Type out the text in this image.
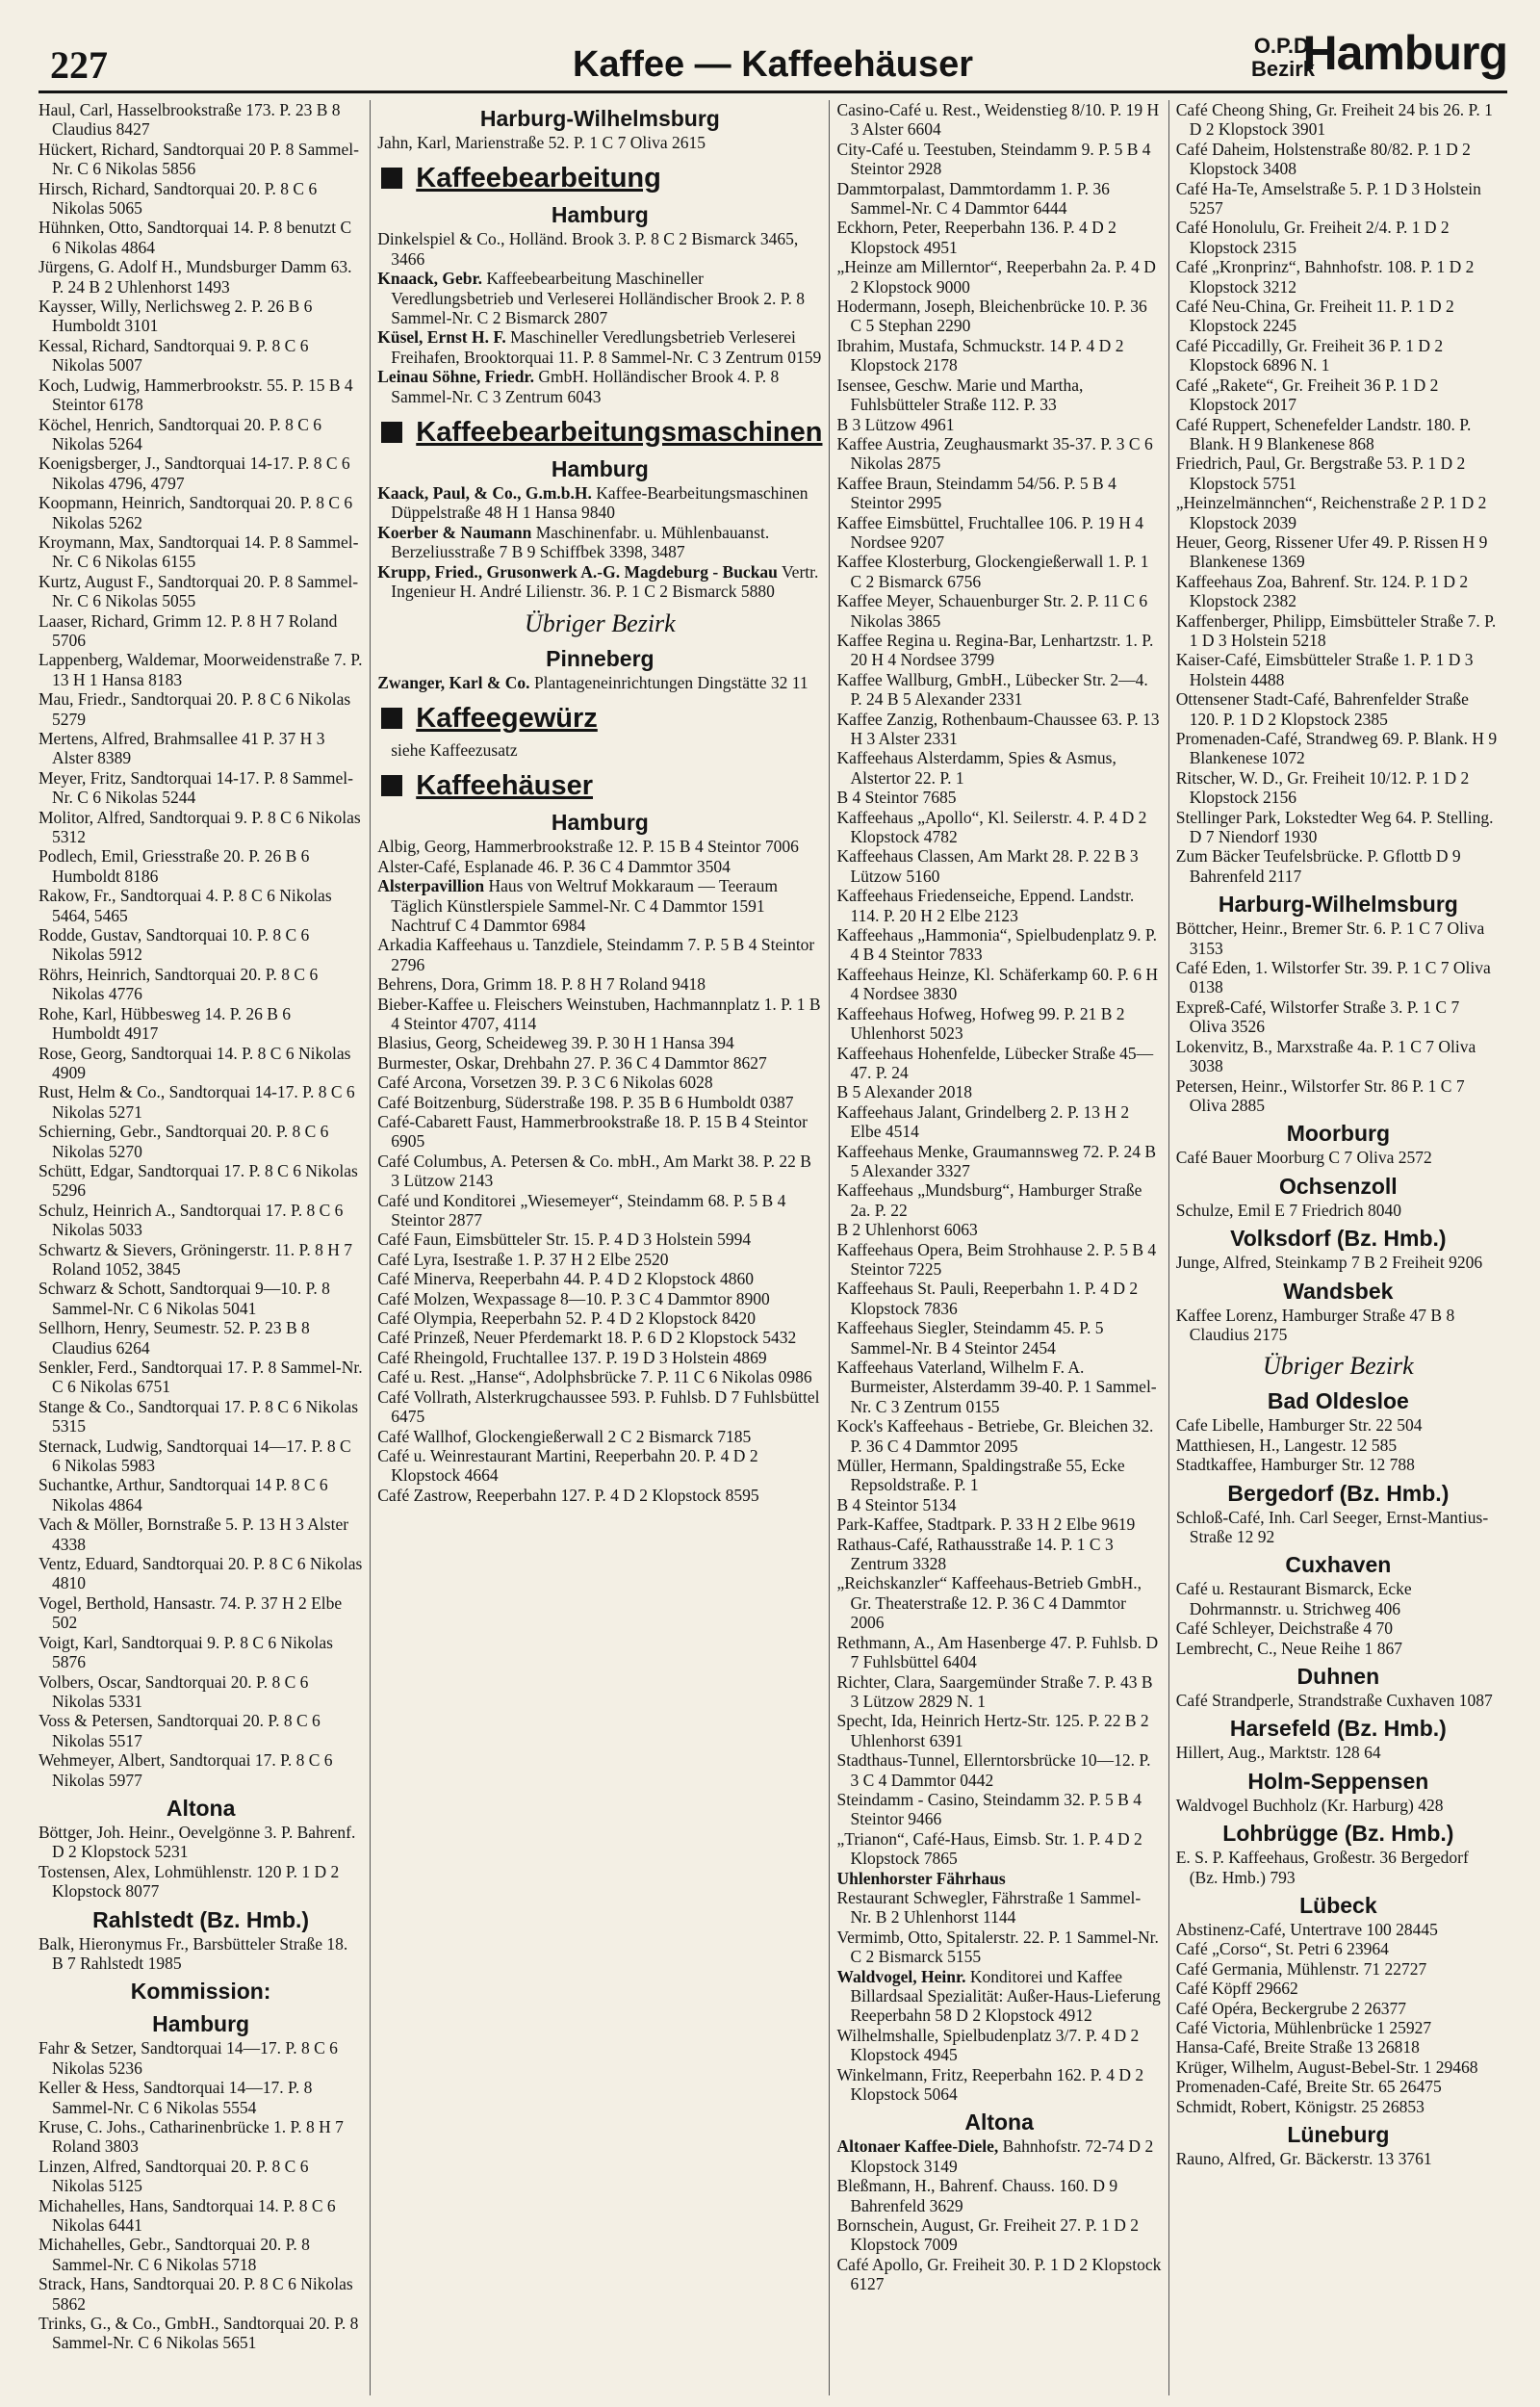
227	Kaffee — Kaffeehäuser	O.P.D.
Bezirk
Hamburg
Haul, Carl, Hasselbrookstraße 173. P. 23 B 8 Claudius 8427
Hückert, Richard, Sandtorquai 20 P. 8 Sammel-Nr. C 6 Nikolas 5856
Hirsch, Richard, Sandtorquai 20. P. 8 C 6 Nikolas 5065
Hühnken, Otto, Sandtorquai 14. P. 8 benutzt C 6 Nikolas 4864
Jürgens, G. Adolf H., Mundsburger Damm 63. P. 24 B 2 Uhlenhorst 1493
Kaysser, Willy, Nerlichsweg 2. P. 26 B 6 Humboldt 3101
Kessal, Richard, Sandtorquai 9. P. 8 C 6 Nikolas 5007
Koch, Ludwig, Hammerbrookstr. 55. P. 15 B 4 Steintor 6178
Köchel, Henrich, Sandtorquai 20. P. 8 C 6 Nikolas 5264
Koenigsberger, J., Sandtorquai 14-17. P. 8 C 6 Nikolas 4796, 4797
Koopmann, Heinrich, Sandtorquai 20. P. 8 C 6 Nikolas 5262
Kroymann, Max, Sandtorquai 14. P. 8 Sammel-Nr. C 6 Nikolas 6155
Kurtz, August F., Sandtorquai 20. P. 8 Sammel-Nr. C 6 Nikolas 5055
Laaser, Richard, Grimm 12. P. 8 H 7 Roland 5706
Lappenberg, Waldemar, Moorweidenstraße 7. P. 13 H 1 Hansa 8183
Mau, Friedr., Sandtorquai 20. P. 8 C 6 Nikolas 5279
Mertens, Alfred, Brahmsallee 41 P. 37 H 3 Alster 8389
Meyer, Fritz, Sandtorquai 14-17. P. 8 Sammel-Nr. C 6 Nikolas 5244
Molitor, Alfred, Sandtorquai 9. P. 8 C 6 Nikolas 5312
Podlech, Emil, Griesstraße 20. P. 26 B 6 Humboldt 8186
Rakow, Fr., Sandtorquai 4. P. 8 C 6 Nikolas 5464, 5465
Rodde, Gustav, Sandtorquai 10. P. 8 C 6 Nikolas 5912
Röhrs, Heinrich, Sandtorquai 20. P. 8 C 6 Nikolas 4776
Rohe, Karl, Hübbesweg 14. P. 26 B 6 Humboldt 4917
Rose, Georg, Sandtorquai 14. P. 8 C 6 Nikolas 4909
Rust, Helm & Co., Sandtorquai 14-17. P. 8 C 6 Nikolas 5271
Schierning, Gebr., Sandtorquai 20. P. 8 C 6 Nikolas 5270
Schütt, Edgar, Sandtorquai 17. P. 8 C 6 Nikolas 5296
Schulz, Heinrich A., Sandtorquai 17. P. 8 C 6 Nikolas 5033
Schwartz & Sievers, Gröningerstr. 11. P. 8 H 7 Roland 1052, 3845
Schwarz & Schott, Sandtorquai 9—10. P. 8 Sammel-Nr. C 6 Nikolas 5041
Sellhorn, Henry, Seumestr. 52. P. 23 B 8 Claudius 6264
Senkler, Ferd., Sandtorquai 17. P. 8 Sammel-Nr. C 6 Nikolas 6751
Stange & Co., Sandtorquai 17. P. 8 C 6 Nikolas 5315
Sternack, Ludwig, Sandtorquai 14—17. P. 8 C 6 Nikolas 5983
Suchantke, Arthur, Sandtorquai 14 P. 8 C 6 Nikolas 4864
Vach & Möller, Bornstraße 5. P. 13 H 3 Alster 4338
Ventz, Eduard, Sandtorquai 20. P. 8 C 6 Nikolas 4810
Vogel, Berthold, Hansastr. 74. P. 37 H 2 Elbe 502
Voigt, Karl, Sandtorquai 9. P. 8 C 6 Nikolas 5876
Volbers, Oscar, Sandtorquai 20. P. 8 C 6 Nikolas 5331
Voss & Petersen, Sandtorquai 20. P. 8 C 6 Nikolas 5517
Wehmeyer, Albert, Sandtorquai 17. P. 8 C 6 Nikolas 5977
Altona
Böttger, Joh. Heinr., Oevelgönne 3. P. Bahrenf. D 2 Klopstock 5231
Tostensen, Alex, Lohmühlenstr. 120 P. 1 D 2 Klopstock 8077
Rahlstedt (Bz. Hmb.)
Balk, Hieronymus Fr., Barsbütteler Straße 18. B 7 Rahlstedt 1985
Kommission:
Hamburg
Fahr & Setzer, Sandtorquai 14—17. P. 8 C 6 Nikolas 5236
Keller & Hess, Sandtorquai 14—17. P. 8 Sammel-Nr. C 6 Nikolas 5554
Kruse, C. Johs., Catharinenbrücke 1. P. 8 H 7 Roland 3803
Linzen, Alfred, Sandtorquai 20. P. 8 C 6 Nikolas 5125
Michahelles, Hans, Sandtorquai 14. P. 8 C 6 Nikolas 6441
Michahelles, Gebr., Sandtorquai 20. P. 8 Sammel-Nr. C 6 Nikolas 5718
Strack, Hans, Sandtorquai 20. P. 8 C 6 Nikolas 5862
Trinks, G., & Co., GmbH., Sandtorquai 20. P. 8 Sammel-Nr. C 6 Nikolas 5651
Harburg-Wilhelmsburg
Jahn, Karl, Marienstraße 52. P. 1 C 7 Oliva 2615
Kaffeebearbeitung
Hamburg
Dinkelspiel & Co., Holländ. Brook 3. P. 8 C 2 Bismarck 3465, 3466
Knaack, Gebr. Kaffeebearbeitung Maschineller Veredlungsbetrieb und Verleserei Holländischer Brook 2. P. 8 Sammel-Nr. C 2 Bismarck 2807
Küsel, Ernst H. F. Maschineller Veredlungsbetrieb Verleserei Freihafen, Brooktorquai 11. P. 8 Sammel-Nr. C 3 Zentrum 0159
Leinau Söhne, Friedr. GmbH. Holländischer Brook 4. P. 8 Sammel-Nr. C 3 Zentrum 6043
Kaffeebearbeitungsmaschinen
Hamburg
Kaack, Paul, & Co., G.m.b.H. Kaffee-Bearbeitungsmaschinen Düppelstraße 48 H 1 Hansa 9840
Koerber & Naumann Maschinenfabr. u. Mühlenbauanst. Berzeliusstraße 7 B 9 Schiffbek 3398, 3487
Krupp, Fried., Grusonwerk A.-G. Magdeburg - Buckau Vertr. Ingenieur H. André Lilienstr. 36. P. 1 C 2 Bismarck 5880
Übriger Bezirk
Pinneberg
Zwanger, Karl & Co. Plantageneinrichtungen Dingstätte 32 11
Kaffeegewürz
siehe Kaffeezusatz
Kaffeehäuser
Hamburg
Albig, Georg, Hammerbrookstraße 12. P. 15 B 4 Steintor 7006
Alster-Café, Esplanade 46. P. 36 C 4 Dammtor 3504
Alsterpavillion Haus von Weltruf Mokkaraum — Teeraum Täglich Künstlerspiele Sammel-Nr. C 4 Dammtor 1591 Nachtruf C 4 Dammtor 6984
Arkadia Kaffeehaus u. Tanzdiele, Steindamm 7. P. 5 B 4 Steintor 2796
Behrens, Dora, Grimm 18. P. 8 H 7 Roland 9418
Bieber-Kaffee u. Fleischers Weinstuben, Hachmannplatz 1. P. 1 B 4 Steintor 4707, 4114
Blasius, Georg, Scheideweg 39. P. 30 H 1 Hansa 394
Burmester, Oskar, Drehbahn 27. P. 36 C 4 Dammtor 8627
Café Arcona, Vorsetzen 39. P. 3 C 6 Nikolas 6028
Café Boitzenburg, Süderstraße 198. P. 35 B 6 Humboldt 0387
Café-Cabarett Faust, Hammerbrookstraße 18. P. 15 B 4 Steintor 6905
Café Columbus, A. Petersen & Co. mbH., Am Markt 38. P. 22 B 3 Lützow 2143
Café und Konditorei „Wiesemeyer“, Steindamm 68. P. 5 B 4 Steintor 2877
Café Faun, Eimsbütteler Str. 15. P. 4 D 3 Holstein 5994
Café Lyra, Isestraße 1. P. 37 H 2 Elbe 2520
Café Minerva, Reeperbahn 44. P. 4 D 2 Klopstock 4860
Café Molzen, Wexpassage 8—10. P. 3 C 4 Dammtor 8900
Café Olympia, Reeperbahn 52. P. 4 D 2 Klopstock 8420
Café Prinzeß, Neuer Pferdemarkt 18. P. 6 D 2 Klopstock 5432
Café Rheingold, Fruchtallee 137. P. 19 D 3 Holstein 4869
Café u. Rest. „Hanse“, Adolphsbrücke 7. P. 11 C 6 Nikolas 0986
Café Vollrath, Alsterkrugchaussee 593. P. Fuhlsb. D 7 Fuhlsbüttel 6475
Café Wallhof, Glockengießerwall 2 C 2 Bismarck 7185
Café u. Weinrestaurant Martini, Reeperbahn 20. P. 4 D 2 Klopstock 4664
Café Zastrow, Reeperbahn 127. P. 4 D 2 Klopstock 8595
Casino-Café u. Rest., Weidenstieg 8/10. P. 19 H 3 Alster 6604
City-Café u. Teestuben, Steindamm 9. P. 5 B 4 Steintor 2928
Dammtorpalast, Dammtordamm 1. P. 36 Sammel-Nr. C 4 Dammtor 6444
Eckhorn, Peter, Reeperbahn 136. P. 4 D 2 Klopstock 4951
„Heinze am Millerntor“, Reeperbahn 2a. P. 4 D 2 Klopstock 9000
Hodermann, Joseph, Bleichenbrücke 10. P. 36 C 5 Stephan 2290
Ibrahim, Mustafa, Schmuckstr. 14 P. 4 D 2 Klopstock 2178
Isensee, Geschw. Marie und Martha, Fuhlsbütteler Straße 112. P. 33
B 3 Lützow 4961
Kaffee Austria, Zeughausmarkt 35-37. P. 3 C 6 Nikolas 2875
Kaffee Braun, Steindamm 54/56. P. 5 B 4 Steintor 2995
Kaffee Eimsbüttel, Fruchtallee 106. P. 19 H 4 Nordsee 9207
Kaffee Klosterburg, Glockengießerwall 1. P. 1 C 2 Bismarck 6756
Kaffee Meyer, Schauenburger Str. 2. P. 11 C 6 Nikolas 3865
Kaffee Regina u. Regina-Bar, Lenhartzstr. 1. P. 20 H 4 Nordsee 3799
Kaffee Wallburg, GmbH., Lübecker Str. 2—4. P. 24 B 5 Alexander 2331
Kaffee Zanzig, Rothenbaum-Chaussee 63. P. 13 H 3 Alster 2331
Kaffeehaus Alsterdamm, Spies & Asmus, Alstertor 22. P. 1
B 4 Steintor 7685
Kaffeehaus „Apollo“, Kl. Seilerstr. 4. P. 4 D 2 Klopstock 4782
Kaffeehaus Classen, Am Markt 28. P. 22 B 3 Lützow 5160
Kaffeehaus Friedenseiche, Eppend. Landstr. 114. P. 20 H 2 Elbe 2123
Kaffeehaus „Hammonia“, Spielbudenplatz 9. P. 4 B 4 Steintor 7833
Kaffeehaus Heinze, Kl. Schäferkamp 60. P. 6 H 4 Nordsee 3830
Kaffeehaus Hofweg, Hofweg 99. P. 21 B 2 Uhlenhorst 5023
Kaffeehaus Hohenfelde, Lübecker Straße 45—47. P. 24
B 5 Alexander 2018
Kaffeehaus Jalant, Grindelberg 2. P. 13 H 2 Elbe 4514
Kaffeehaus Menke, Graumannsweg 72. P. 24 B 5 Alexander 3327
Kaffeehaus „Mundsburg“, Hamburger Straße 2a. P. 22
B 2 Uhlenhorst 6063
Kaffeehaus Opera, Beim Strohhause 2. P. 5 B 4 Steintor 7225
Kaffeehaus St. Pauli, Reeperbahn 1. P. 4 D 2 Klopstock 7836
Kaffeehaus Siegler, Steindamm 45. P. 5 Sammel-Nr. B 4 Steintor 2454
Kaffeehaus Vaterland, Wilhelm F. A. Burmeister, Alsterdamm 39-40. P. 1 Sammel-Nr. C 3 Zentrum 0155
Kock's Kaffeehaus - Betriebe, Gr. Bleichen 32. P. 36 C 4 Dammtor 2095
Müller, Hermann, Spaldingstraße 55, Ecke Repsoldstraße. P. 1
B 4 Steintor 5134
Park-Kaffee, Stadtpark. P. 33 H 2 Elbe 9619
Rathaus-Café, Rathausstraße 14. P. 1 C 3 Zentrum 3328
„Reichskanzler“ Kaffeehaus-Betrieb GmbH., Gr. Theaterstraße 12. P. 36 C 4 Dammtor 2006
Rethmann, A., Am Hasenberge 47. P. Fuhlsb. D 7 Fuhlsbüttel 6404
Richter, Clara, Saargemünder Straße 7. P. 43 B 3 Lützow 2829 N. 1
Specht, Ida, Heinrich Hertz-Str. 125. P. 22 B 2 Uhlenhorst 6391
Stadthaus-Tunnel, Ellerntorsbrücke 10—12. P. 3 C 4 Dammtor 0442
Steindamm - Casino, Steindamm 32. P. 5 B 4 Steintor 9466
„Trianon“, Café-Haus, Eimsb. Str. 1. P. 4 D 2 Klopstock 7865
Uhlenhorster Fährhaus
Restaurant Schwegler, Fährstraße 1 Sammel-Nr. B 2 Uhlenhorst 1144
Vermimb, Otto, Spitalerstr. 22. P. 1 Sammel-Nr. C 2 Bismarck 5155
Waldvogel, Heinr. Konditorei und Kaffee Billardsaal Spezialität: Außer-Haus-Lieferung Reeperbahn 58 D 2 Klopstock 4912
Wilhelmshalle, Spielbudenplatz 3/7. P. 4 D 2 Klopstock 4945
Winkelmann, Fritz, Reeperbahn 162. P. 4 D 2 Klopstock 5064
Altona
Altonaer Kaffee-Diele, Bahnhofstr. 72-74 D 2 Klopstock 3149
Bleßmann, H., Bahrenf. Chauss. 160. D 9 Bahrenfeld 3629
Bornschein, August, Gr. Freiheit 27. P. 1 D 2 Klopstock 7009
Café Apollo, Gr. Freiheit 30. P. 1 D 2 Klopstock 6127
Café Cheong Shing, Gr. Freiheit 24 bis 26. P. 1 D 2 Klopstock 3901
Café Daheim, Holstenstraße 80/82. P. 1 D 2 Klopstock 3408
Café Ha-Te, Amselstraße 5. P. 1 D 3 Holstein 5257
Café Honolulu, Gr. Freiheit 2/4. P. 1 D 2 Klopstock 2315
Café „Kronprinz“, Bahnhofstr. 108. P. 1 D 2 Klopstock 3212
Café Neu-China, Gr. Freiheit 11. P. 1 D 2 Klopstock 2245
Café Piccadilly, Gr. Freiheit 36 P. 1 D 2 Klopstock 6896 N. 1
Café „Rakete“, Gr. Freiheit 36 P. 1 D 2 Klopstock 2017
Café Ruppert, Schenefelder Landstr. 180. P. Blank. H 9 Blankenese 868
Friedrich, Paul, Gr. Bergstraße 53. P. 1 D 2 Klopstock 5751
„Heinzelmännchen“, Reichenstraße 2 P. 1 D 2 Klopstock 2039
Heuer, Georg, Rissener Ufer 49. P. Rissen H 9 Blankenese 1369
Kaffeehaus Zoa, Bahrenf. Str. 124. P. 1 D 2 Klopstock 2382
Kaffenberger, Philipp, Eimsbütteler Straße 7. P. 1 D 3 Holstein 5218
Kaiser-Café, Eimsbütteler Straße 1. P. 1 D 3 Holstein 4488
Ottensener Stadt-Café, Bahrenfelder Straße 120. P. 1 D 2 Klopstock 2385
Promenaden-Café, Strandweg 69. P. Blank. H 9 Blankenese 1072
Ritscher, W. D., Gr. Freiheit 10/12. P. 1 D 2 Klopstock 2156
Stellinger Park, Lokstedter Weg 64. P. Stelling. D 7 Niendorf 1930
Zum Bäcker Teufelsbrücke. P. Gflottb D 9 Bahrenfeld 2117
Harburg-Wilhelmsburg
Böttcher, Heinr., Bremer Str. 6. P. 1 C 7 Oliva 3153
Café Eden, 1. Wilstorfer Str. 39. P. 1 C 7 Oliva 0138
Expreß-Café, Wilstorfer Straße 3. P. 1 C 7 Oliva 3526
Lokenvitz, B., Marxstraße 4a. P. 1 C 7 Oliva 3038
Petersen, Heinr., Wilstorfer Str. 86 P. 1 C 7 Oliva 2885
Moorburg
Café Bauer Moorburg C 7 Oliva 2572
Ochsenzoll
Schulze, Emil E 7 Friedrich 8040
Volksdorf (Bz. Hmb.)
Junge, Alfred, Steinkamp 7 B 2 Freiheit 9206
Wandsbek
Kaffee Lorenz, Hamburger Straße 47 B 8 Claudius 2175
Übriger Bezirk
Bad Oldesloe
Cafe Libelle, Hamburger Str. 22 504
Matthiesen, H., Langestr. 12 585
Stadtkaffee, Hamburger Str. 12 788
Bergedorf (Bz. Hmb.)
Schloß-Café, Inh. Carl Seeger, Ernst-Mantius-Straße 12 92
Cuxhaven
Café u. Restaurant Bismarck, Ecke Dohrmannstr. u. Strichweg 406
Café Schleyer, Deichstraße 4 70
Lembrecht, C., Neue Reihe 1 867
Duhnen
Café Strandperle, Strandstraße Cuxhaven 1087
Harsefeld (Bz. Hmb.)
Hillert, Aug., Marktstr. 128 64
Holm-Seppensen
Waldvogel Buchholz (Kr. Harburg) 428
Lohbrügge (Bz. Hmb.)
E. S. P. Kaffeehaus, Großestr. 36 Bergedorf (Bz. Hmb.) 793
Lübeck
Abstinenz-Café, Untertrave 100 28445
Café „Corso“, St. Petri 6 23964
Café Germania, Mühlenstr. 71 22727
Café Köpff 29662
Café Opéra, Beckergrube 2 26377
Café Victoria, Mühlenbrücke 1 25927
Hansa-Café, Breite Straße 13 26818
Krüger, Wilhelm, August-Bebel-Str. 1 29468
Promenaden-Café, Breite Str. 65 26475
Schmidt, Robert, Königstr. 25 26853
Lüneburg
Rauno, Alfred, Gr. Bäckerstr. 13 3761
